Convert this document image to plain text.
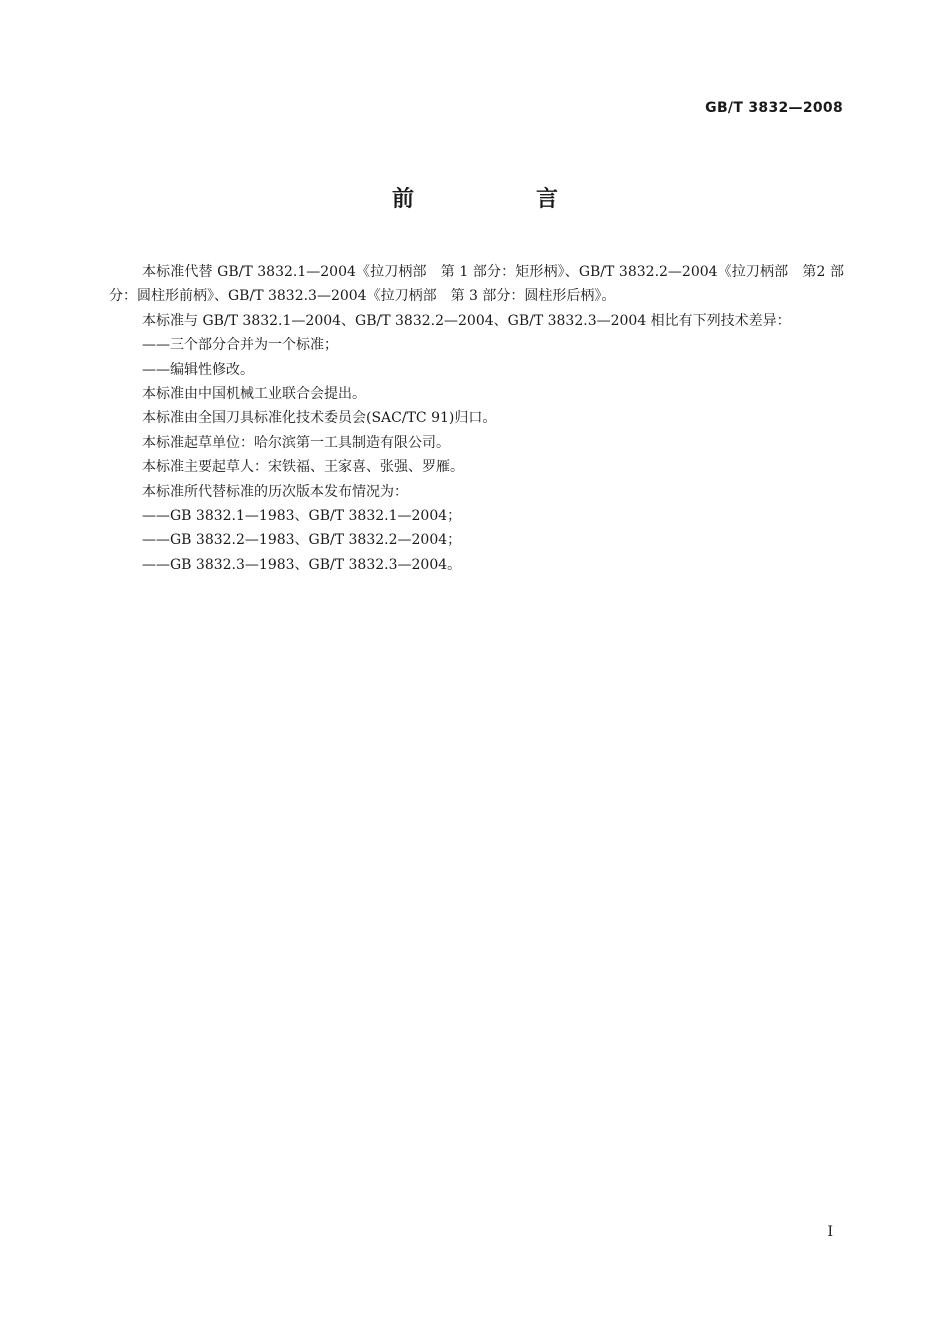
GB/T 3832—2008
前　言

本标准代替 GB/T 3832.1—2004《拉刀柄部　第 1 部分：矩形柄》、GB/T 3832.2—2004《拉刀柄部　第2 部分：圆柱形前柄》、GB/T 3832.3—2004《拉刀柄部　第 3 部分：圆柱形后柄》。

本标准与 GB/T 3832.1—2004、GB/T 3832.2—2004、GB/T 3832.3—2004 相比有下列技术差异：

——三个部分合并为一个标准；

——编辑性修改。

本标准由中国机械工业联合会提出。

本标准由全国刀具标准化技术委员会(SAC/TC 91)归口。

本标准起草单位：哈尔滨第一工具制造有限公司。

本标准主要起草人：宋铁福、王家喜、张强、罗雁。

本标准所代替标准的历次版本发布情况为：

——GB 3832.1—1983、GB/T 3832.1—2004；

——GB 3832.2—1983、GB/T 3832.2—2004；

——GB 3832.3—1983、GB/T 3832.3—2004。

I
